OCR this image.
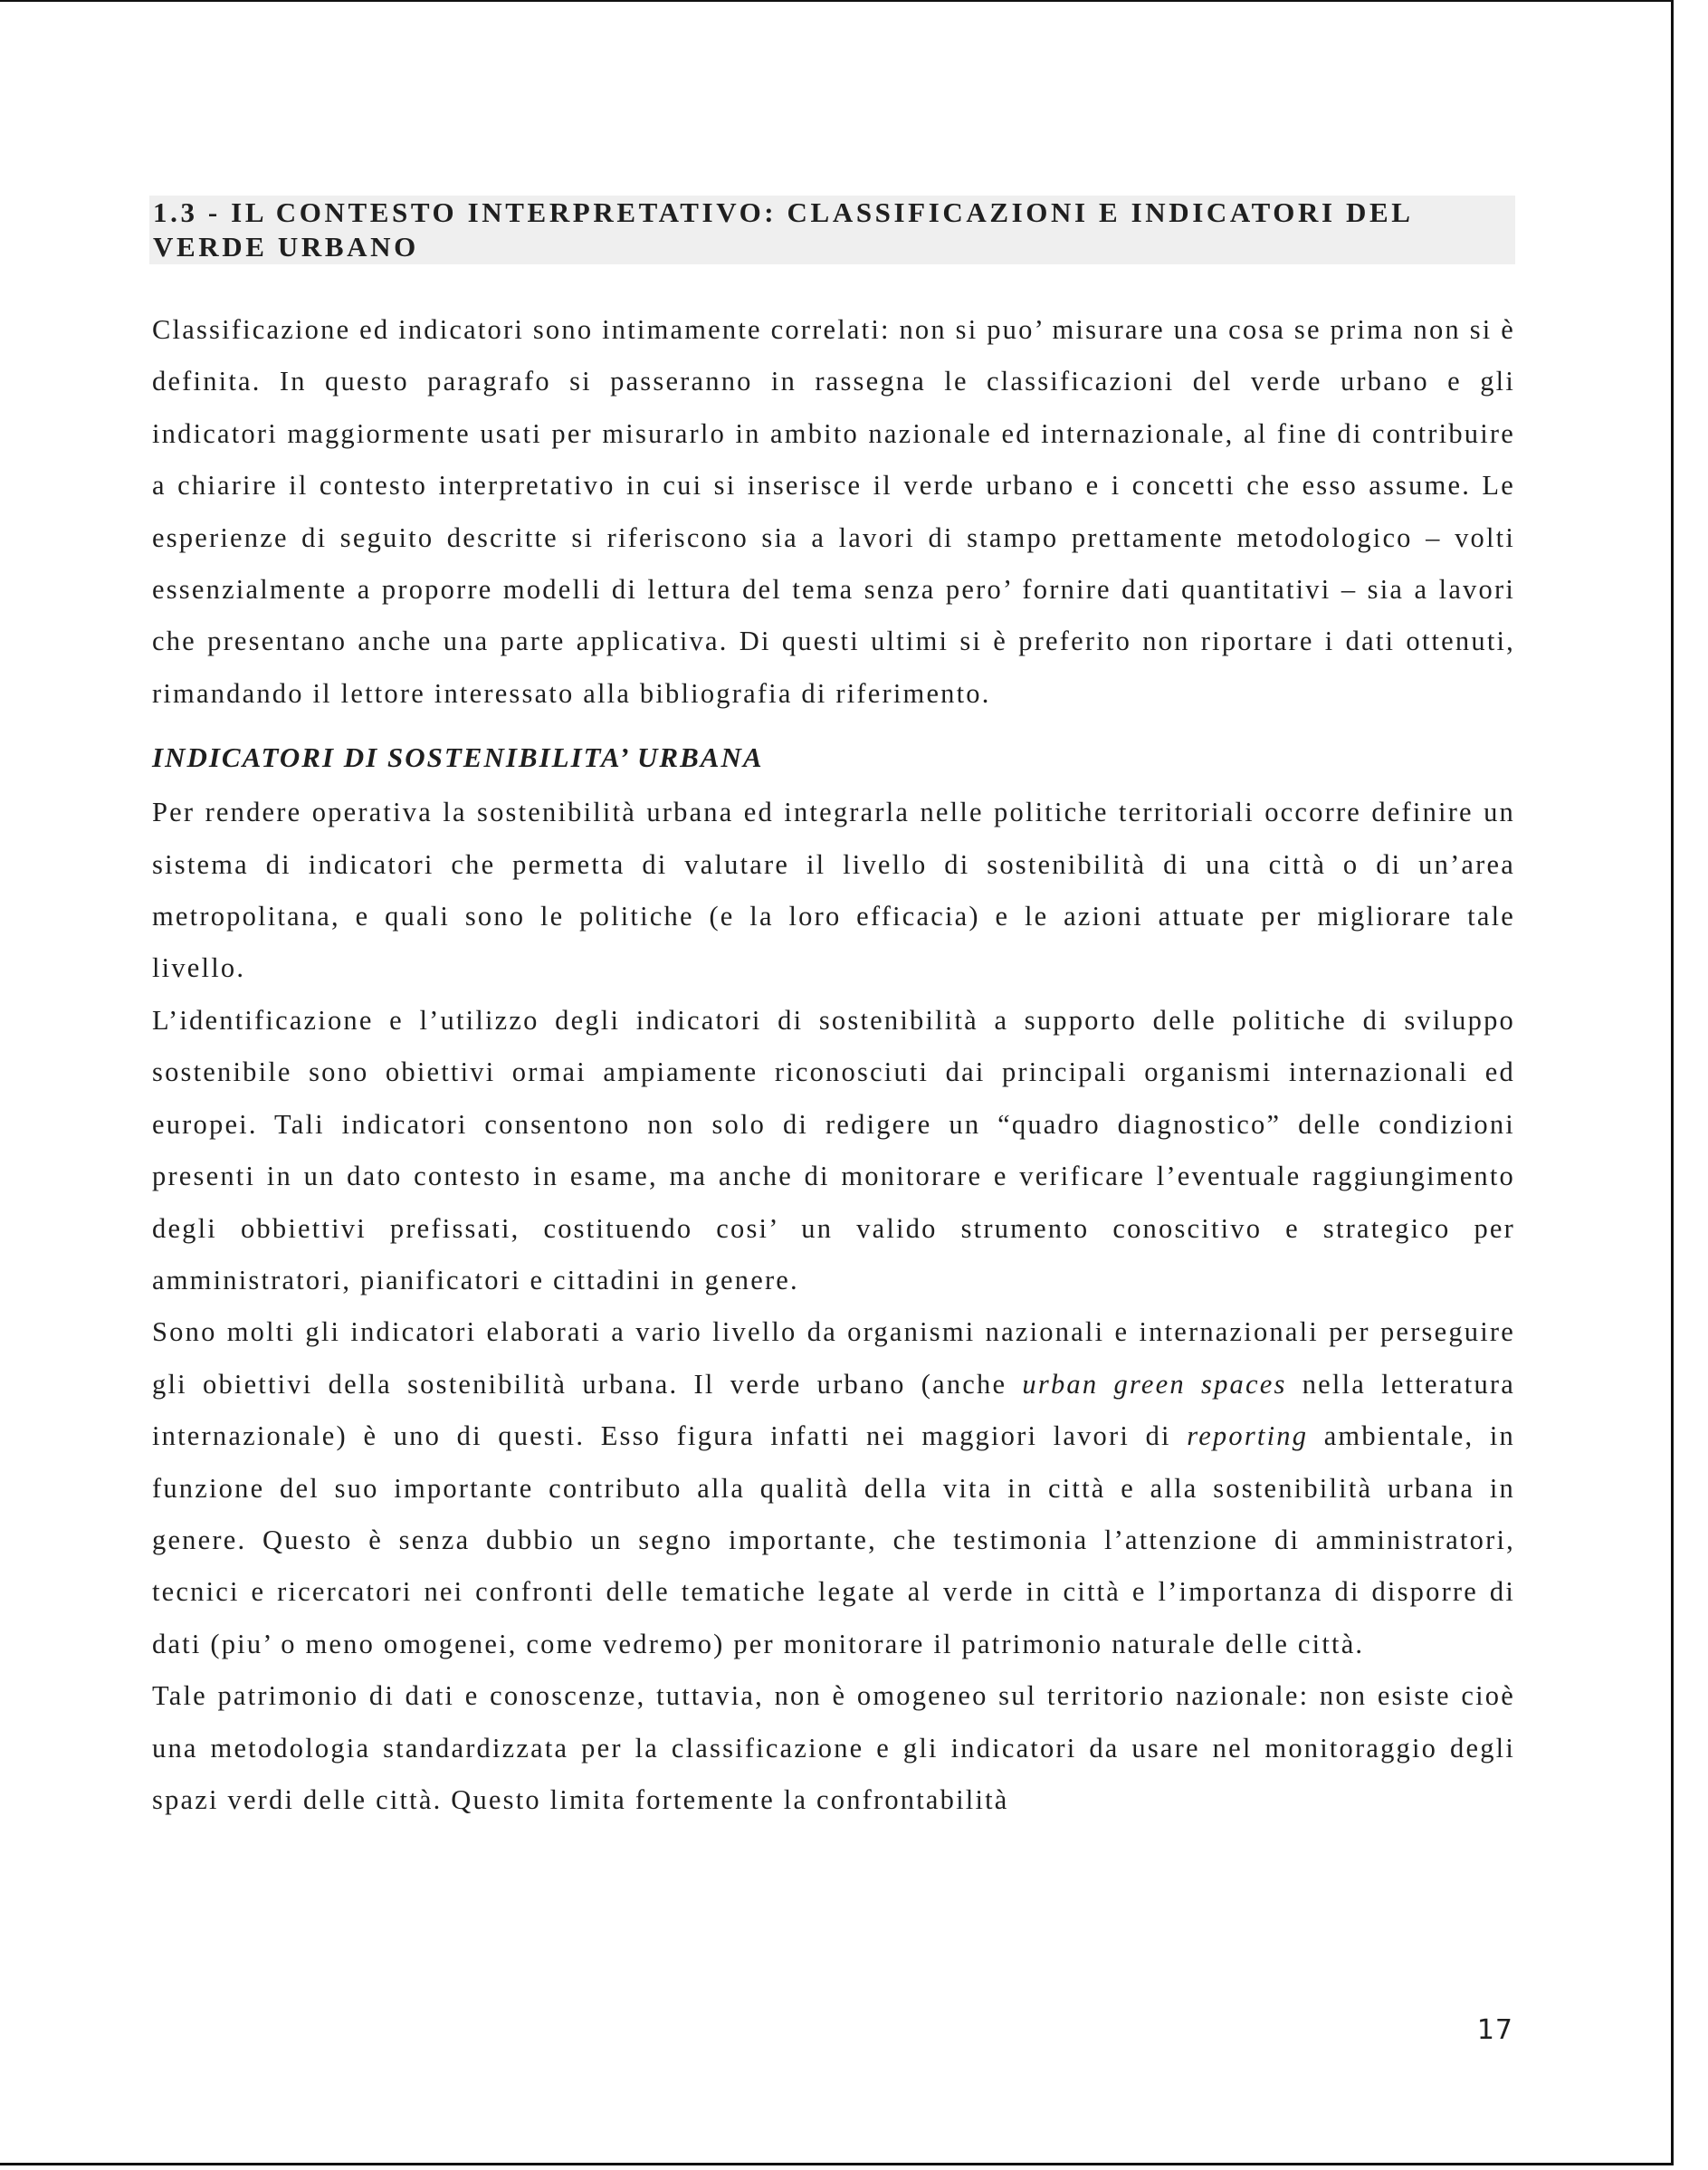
1.3 - IL CONTESTO INTERPRETATIVO: CLASSIFICAZIONI E INDICATORI DEL
VERDE URBANO

Classificazione ed indicatori sono intimamente correlati: non si puo’ misurare una cosa se prima non si è definita. In questo paragrafo si passeranno in rassegna le classificazioni del verde urbano e gli indicatori maggiormente usati per misurarlo in ambito nazionale ed internazionale, al fine di contribuire a chiarire il contesto interpretativo in cui si inserisce il verde urbano e i concetti che esso assume. Le esperienze di seguito descritte si riferiscono sia a lavori di stampo prettamente metodologico – volti essenzialmente a proporre modelli di lettura del tema senza pero’ fornire dati quantitativi – sia a lavori che presentano anche una parte applicativa. Di questi ultimi si è preferito non riportare i dati ottenuti, rimandando il lettore interessato alla bibliografia di riferimento.

INDICATORI DI SOSTENIBILITA’ URBANA

Per rendere operativa la sostenibilità urbana ed integrarla nelle politiche territoriali occorre definire un sistema di indicatori che permetta di valutare il livello di sostenibilità di una città o di un’area metropolitana, e quali sono le politiche (e la loro efficacia) e le azioni attuate per migliorare tale livello.

L’identificazione e l’utilizzo degli indicatori di sostenibilità a supporto delle politiche di sviluppo sostenibile sono obiettivi ormai ampiamente riconosciuti dai principali organismi internazionali ed europei. Tali indicatori consentono non solo di redigere un “quadro diagnostico” delle condizioni presenti in un dato contesto in esame, ma anche di monitorare e verificare l’eventuale raggiungimento degli obbiettivi prefissati, costituendo cosi’ un valido strumento conoscitivo e strategico per amministratori, pianificatori e cittadini in genere.

Sono molti gli indicatori elaborati a vario livello da organismi nazionali e internazionali per perseguire gli obiettivi della sostenibilità urbana. Il verde urbano (anche urban green spaces nella letteratura internazionale) è uno di questi. Esso figura infatti nei maggiori lavori di reporting ambientale, in funzione del suo importante contributo alla qualità della vita in città e alla sostenibilità urbana in genere. Questo è senza dubbio un segno importante, che testimonia l’attenzione di amministratori, tecnici e ricercatori nei confronti delle tematiche legate al verde in città e l’importanza di disporre di dati (piu’ o meno omogenei, come vedremo) per monitorare il patrimonio naturale delle città.

Tale patrimonio di dati e conoscenze, tuttavia, non è omogeneo sul territorio nazionale: non esiste cioè una metodologia standardizzata per la classificazione e gli indicatori da usare nel monitoraggio degli spazi verdi delle città. Questo limita fortemente la confrontabilità

17
